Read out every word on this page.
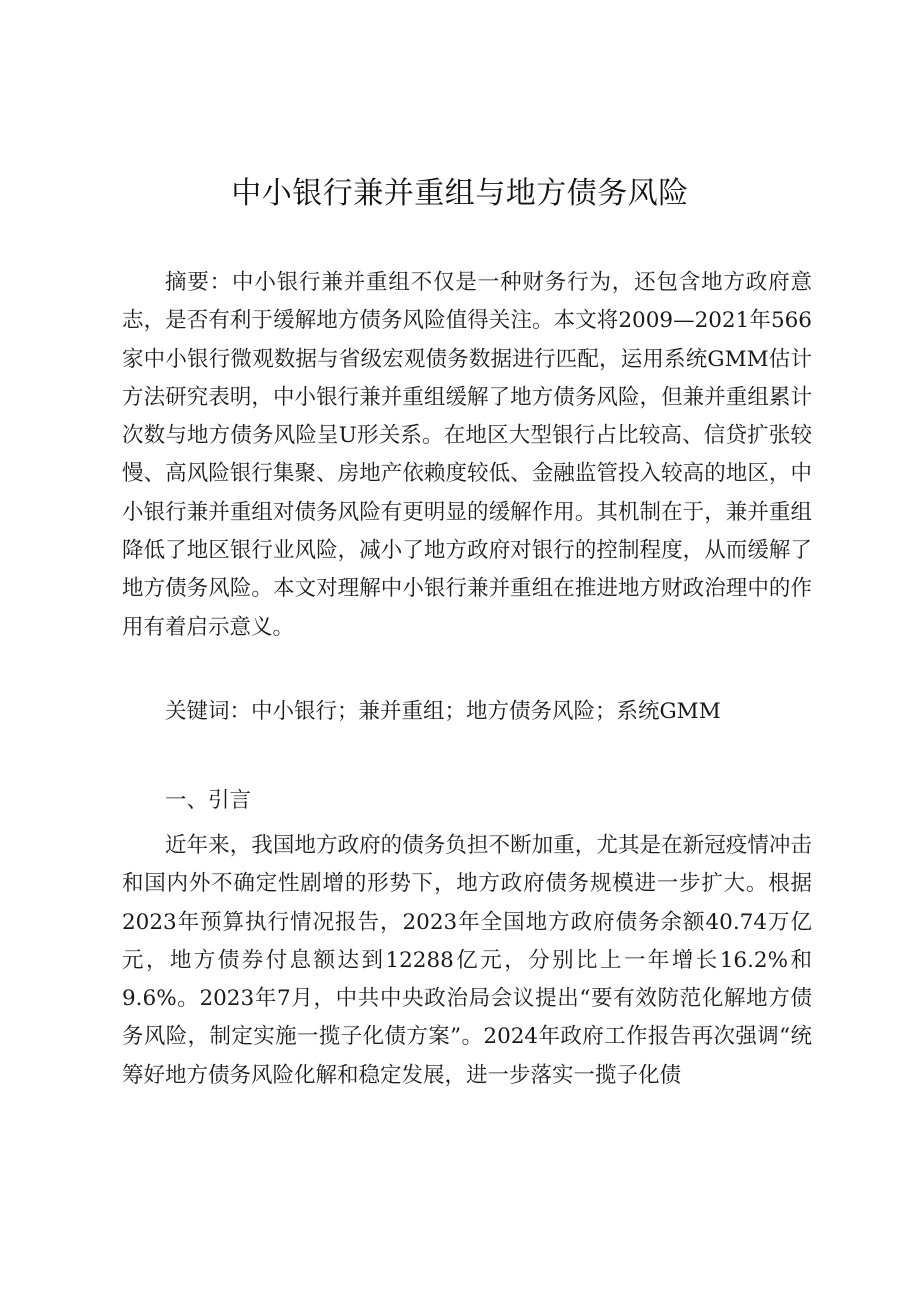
中小银行兼并重组与地方债务风险

摘要：中小银行兼并重组不仅是一种财务行为，还包含地方政府意志，是否有利于缓解地方债务风险值得关注。本文将2009—2021年566家中小银行微观数据与省级宏观债务数据进行匹配，运用系统GMM估计方法研究表明，中小银行兼并重组缓解了地方债务风险，但兼并重组累计次数与地方债务风险呈U形关系。在地区大型银行占比较高、信贷扩张较慢、高风险银行集聚、房地产依赖度较低、金融监管投入较高的地区，中小银行兼并重组对债务风险有更明显的缓解作用。其机制在于，兼并重组降低了地区银行业风险，减小了地方政府对银行的控制程度，从而缓解了地方债务风险。本文对理解中小银行兼并重组在推进地方财政治理中的作用有着启示意义。

关键词：中小银行；兼并重组；地方债务风险；系统GMM

一、引言

近年来，我国地方政府的债务负担不断加重，尤其是在新冠疫情冲击和国内外不确定性剧增的形势下，地方政府债务规模进一步扩大。根据2023年预算执行情况报告，2023年全国地方政府债务余额40.74万亿元，地方债券付息额达到12288亿元，分别比上一年增长16.2%和9.6%。2023年7月，中共中央政治局会议提出“要有效防范化解地方债务风险，制定实施一揽子化债方案”。2024年政府工作报告再次强调“统筹好地方债务风险化解和稳定发展，进一步落实一揽子化债
